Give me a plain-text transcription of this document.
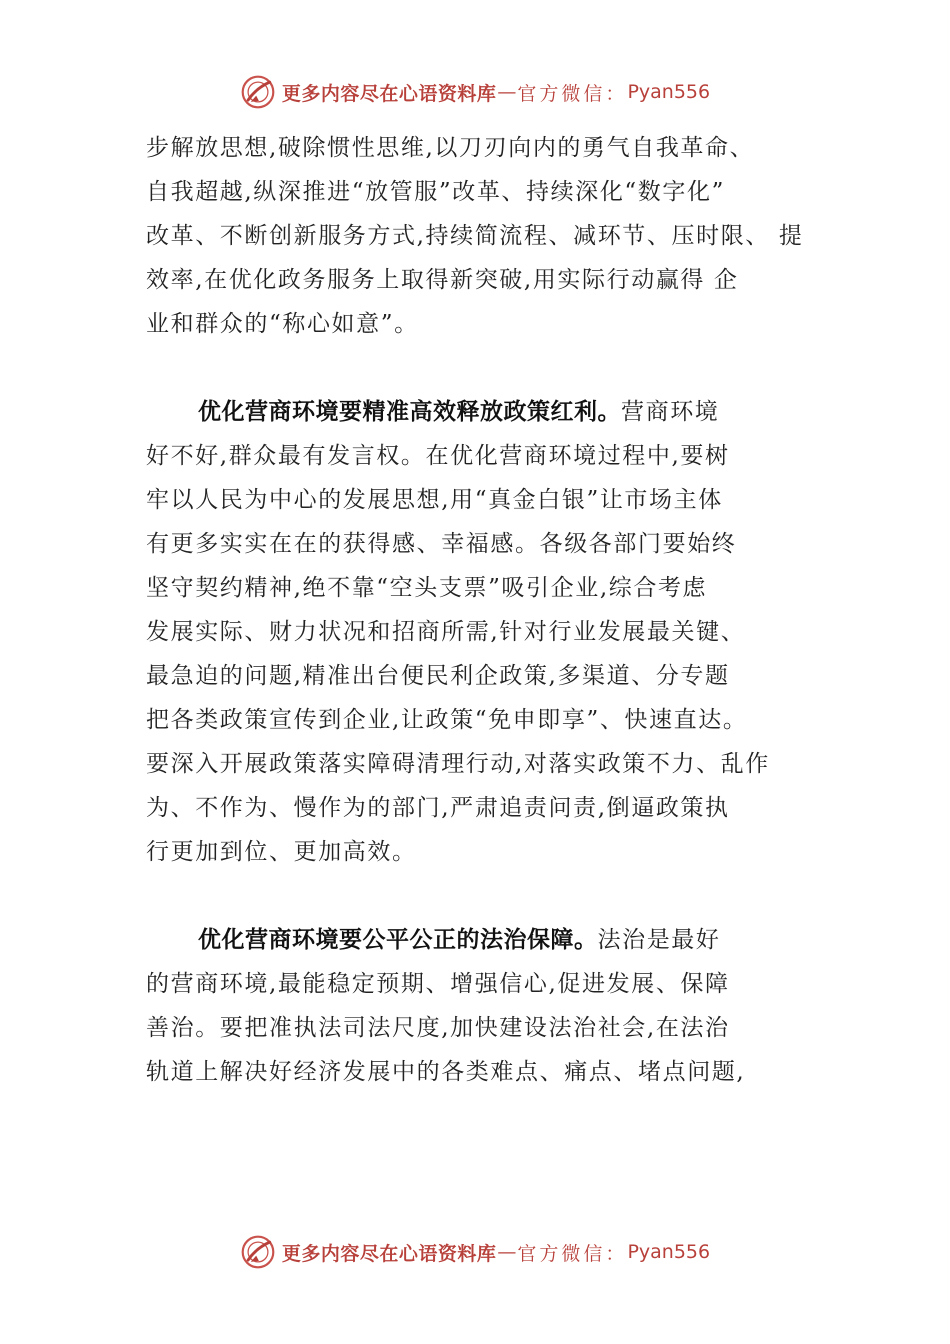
更多内容尽在心语资料库 — 官方微信： Pyan556
步解放思想,破除惯性思维,以刀刃向内的勇气自我革命、
自我超越,纵深推进“放管服”改革、持续深化“数字化”
改革、不断创新服务方式,持续简流程、减环节、压时限、 提
效率,在优化政务服务上取得新突破,用实际行动赢得 企
业和群众的“称心如意”。
优化营商环境要精准高效释放政策红利。营商环境
好不好,群众最有发言权。在优化营商环境过程中,要树
牢以人民为中心的发展思想,用“真金白银”让市场主体
有更多实实在在的获得感、幸福感。各级各部门要始终
坚守契约精神,绝不靠“空头支票”吸引企业,综合考虑
发展实际、财力状况和招商所需,针对行业发展最关键、
最急迫的问题,精准出台便民利企政策,多渠道、分专题
把各类政策宣传到企业,让政策“免申即享”、快速直达。
要深入开展政策落实障碍清理行动,对落实政策不力、乱作
为、不作为、慢作为的部门,严肃追责问责,倒逼政策执
行更加到位、更加高效。
优化营商环境要公平公正的法治保障。法治是最好
的营商环境,最能稳定预期、增强信心,促进发展、保障
善治。要把准执法司法尺度,加快建设法治社会,在法治
轨道上解决好经济发展中的各类难点、痛点、堵点问题,
更多内容尽在心语资料库 — 官方微信： Pyan556
